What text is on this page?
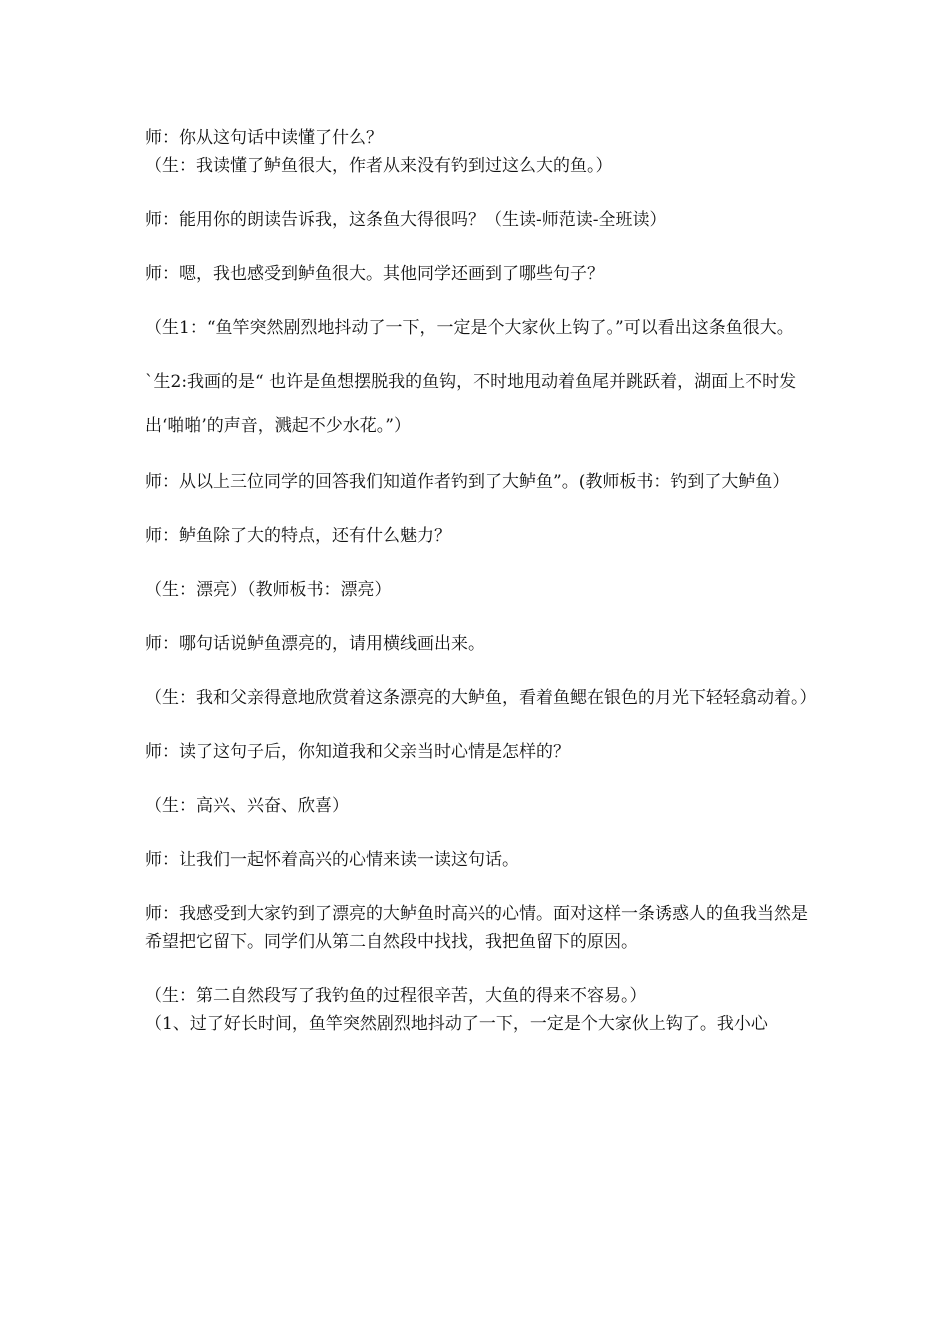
师：你从这句话中读懂了什么？

（生：我读懂了鲈鱼很大，作者从来没有钓到过这么大的鱼。）

师：能用你的朗读告诉我，这条鱼大得很吗？（生读-师范读-全班读）

师：嗯，我也感受到鲈鱼很大。其他同学还画到了哪些句子？

（生1：“鱼竿突然剧烈地抖动了一下，一定是个大家伙上钩了。”可以看出这条鱼很大。

`生2:我画的是“ 也许是鱼想摆脱我的鱼钩，不时地甩动着鱼尾并跳跃着，湖面上不时发出‘啪啪’的声音，溅起不少水花。”）

师：从以上三位同学的回答我们知道作者钓到了大鲈鱼”。(教师板书：钓到了大鲈鱼）

师：鲈鱼除了大的特点，还有什么魅力？

（生：漂亮）（教师板书：漂亮）

师：哪句话说鲈鱼漂亮的，请用横线画出来。

（生：我和父亲得意地欣赏着这条漂亮的大鲈鱼，看着鱼鳃在银色的月光下轻轻翕动着。）

师：读了这句子后，你知道我和父亲当时心情是怎样的？

（生：高兴、兴奋、欣喜）

师：让我们一起怀着高兴的心情来读一读这句话。

师：我感受到大家钓到了漂亮的大鲈鱼时高兴的心情。面对这样一条诱惑人的鱼我当然是希望把它留下。同学们从第二自然段中找找，我把鱼留下的原因。

（生：第二自然段写了我钓鱼的过程很辛苦，大鱼的得来不容易。）

（1、过了好长时间，鱼竿突然剧烈地抖动了一下，一定是个大家伙上钩了。我小心
